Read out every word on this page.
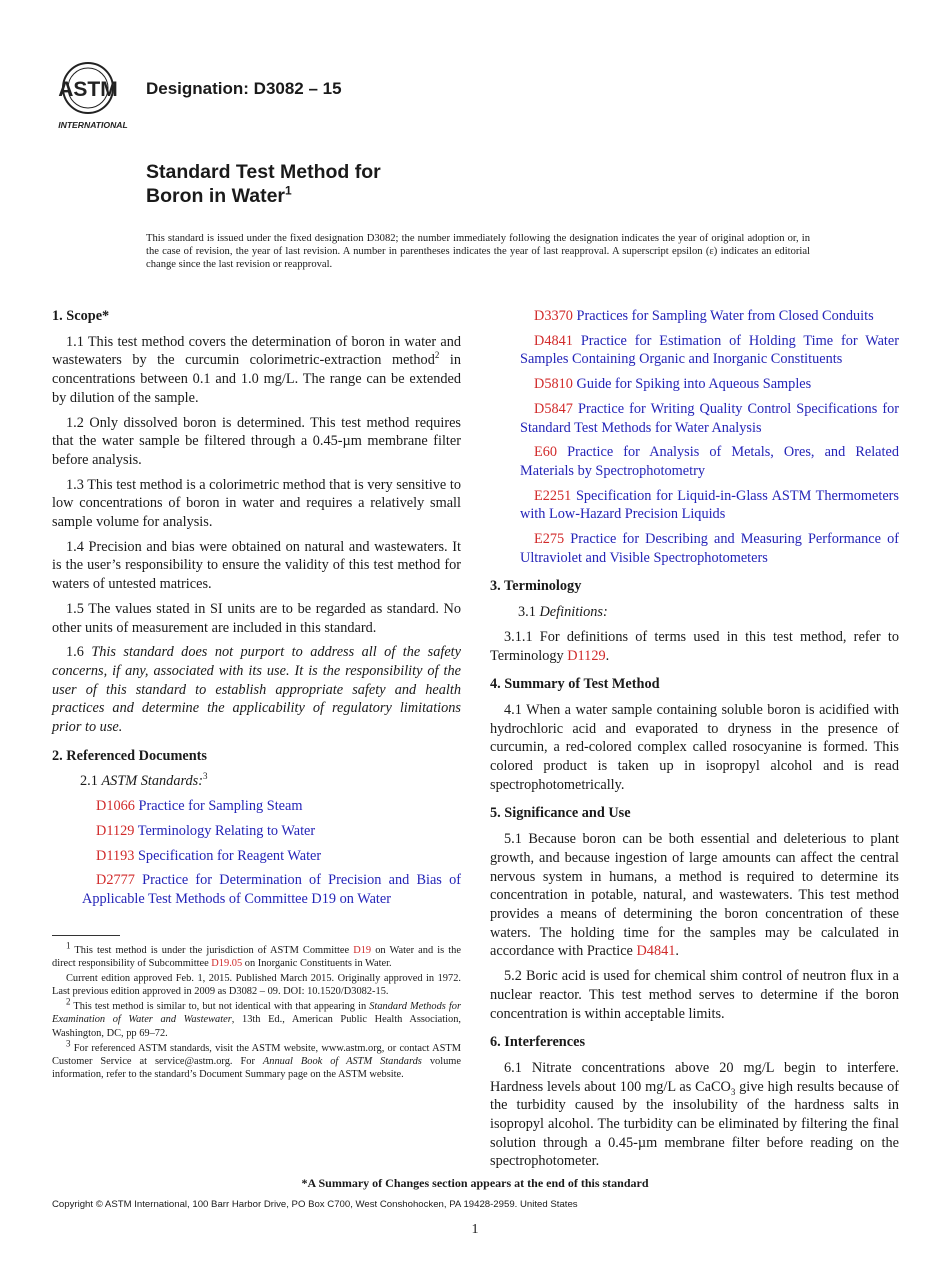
ASTM
INTERNATIONAL
Designation: D3082 – 15
Standard Test Method for
Boron in Water$^1$
This standard is issued under the fixed designation D3082; the number immediately following the designation indicates the year of original adoption or, in the case of revision, the year of last revision. A number in parentheses indicates the year of last reapproval. A superscript epsilon (ε) indicates an editorial change since the last revision or reapproval.
1. Scope*

1.1 This test method covers the determination of boron in water and wastewaters by the curcumin colorimetric-extraction method$^2$ in concentrations between 0.1 and 1.0 mg/L. The range can be extended by dilution of the sample.

1.2 Only dissolved boron is determined. This test method requires that the water sample be filtered through a 0.45-µm membrane filter before analysis.

1.3 This test method is a colorimetric method that is very sensitive to low concentrations of boron in water and requires a relatively small sample volume for analysis.

1.4 Precision and bias were obtained on natural and wastewaters. It is the user’s responsibility to ensure the validity of this test method for waters of untested matrices.

1.5 The values stated in SI units are to be regarded as standard. No other units of measurement are included in this standard.

1.6 This standard does not purport to address all of the safety concerns, if any, associated with its use. It is the responsibility of the user of this standard to establish appropriate safety and health practices and determine the applicability of regulatory limitations prior to use.

2. Referenced Documents

2.1 ASTM Standards:$^3$

D1066 Practice for Sampling Steam

D1129 Terminology Relating to Water

D1193 Specification for Reagent Water

D2777 Practice for Determination of Precision and Bias of Applicable Test Methods of Committee D19 on Water

$^1$ This test method is under the jurisdiction of ASTM Committee D19 on Water and is the direct responsibility of Subcommittee D19.05 on Inorganic Constituents in Water.

Current edition approved Feb. 1, 2015. Published March 2015. Originally approved in 1972. Last previous edition approved in 2009 as D3082 – 09. DOI: 10.1520/D3082-15.

$^2$ This test method is similar to, but not identical with that appearing in Standard Methods for Examination of Water and Wastewater, 13th Ed., American Public Health Association, Washington, DC, pp 69–72.

$^3$ For referenced ASTM standards, visit the ASTM website, www.astm.org, or contact ASTM Customer Service at service@astm.org. For Annual Book of ASTM Standards volume information, refer to the standard’s Document Summary page on the ASTM website.

D3370 Practices for Sampling Water from Closed Conduits

D4841 Practice for Estimation of Holding Time for Water Samples Containing Organic and Inorganic Constituents

D5810 Guide for Spiking into Aqueous Samples

D5847 Practice for Writing Quality Control Specifications for Standard Test Methods for Water Analysis

E60 Practice for Analysis of Metals, Ores, and Related Materials by Spectrophotometry

E2251 Specification for Liquid-in-Glass ASTM Thermometers with Low-Hazard Precision Liquids

E275 Practice for Describing and Measuring Performance of Ultraviolet and Visible Spectrophotometers

3. Terminology

3.1 Definitions:

3.1.1 For definitions of terms used in this test method, refer to Terminology D1129.

4. Summary of Test Method

4.1 When a water sample containing soluble boron is acidified with hydrochloric acid and evaporated to dryness in the presence of curcumin, a red-colored complex called rosocyanine is formed. This colored product is taken up in isopropyl alcohol and is read spectrophotometrically.

5. Significance and Use

5.1 Because boron can be both essential and deleterious to plant growth, and because ingestion of large amounts can affect the central nervous system in humans, a method is required to determine its concentration in potable, natural, and wastewaters. This test method provides a means of determining the boron concentration of these waters. The holding time for the samples may be calculated in accordance with Practice D4841.

5.2 Boric acid is used for chemical shim control of neutron flux in a nuclear reactor. This test method serves to determine if the boron concentration is within acceptable limits.

6. Interferences

6.1 Nitrate concentrations above 20 mg/L begin to interfere. Hardness levels about 100 mg/L as CaCO$_3$ give high results because of the turbidity caused by the insolubility of the hardness salts in isopropyl alcohol. The turbidity can be eliminated by filtering the final solution through a 0.45-µm membrane filter before reading on the spectrophotometer.

*A Summary of Changes section appears at the end of this standard
Copyright © ASTM International, 100 Barr Harbor Drive, PO Box C700, West Conshohocken, PA 19428-2959. United States
1
